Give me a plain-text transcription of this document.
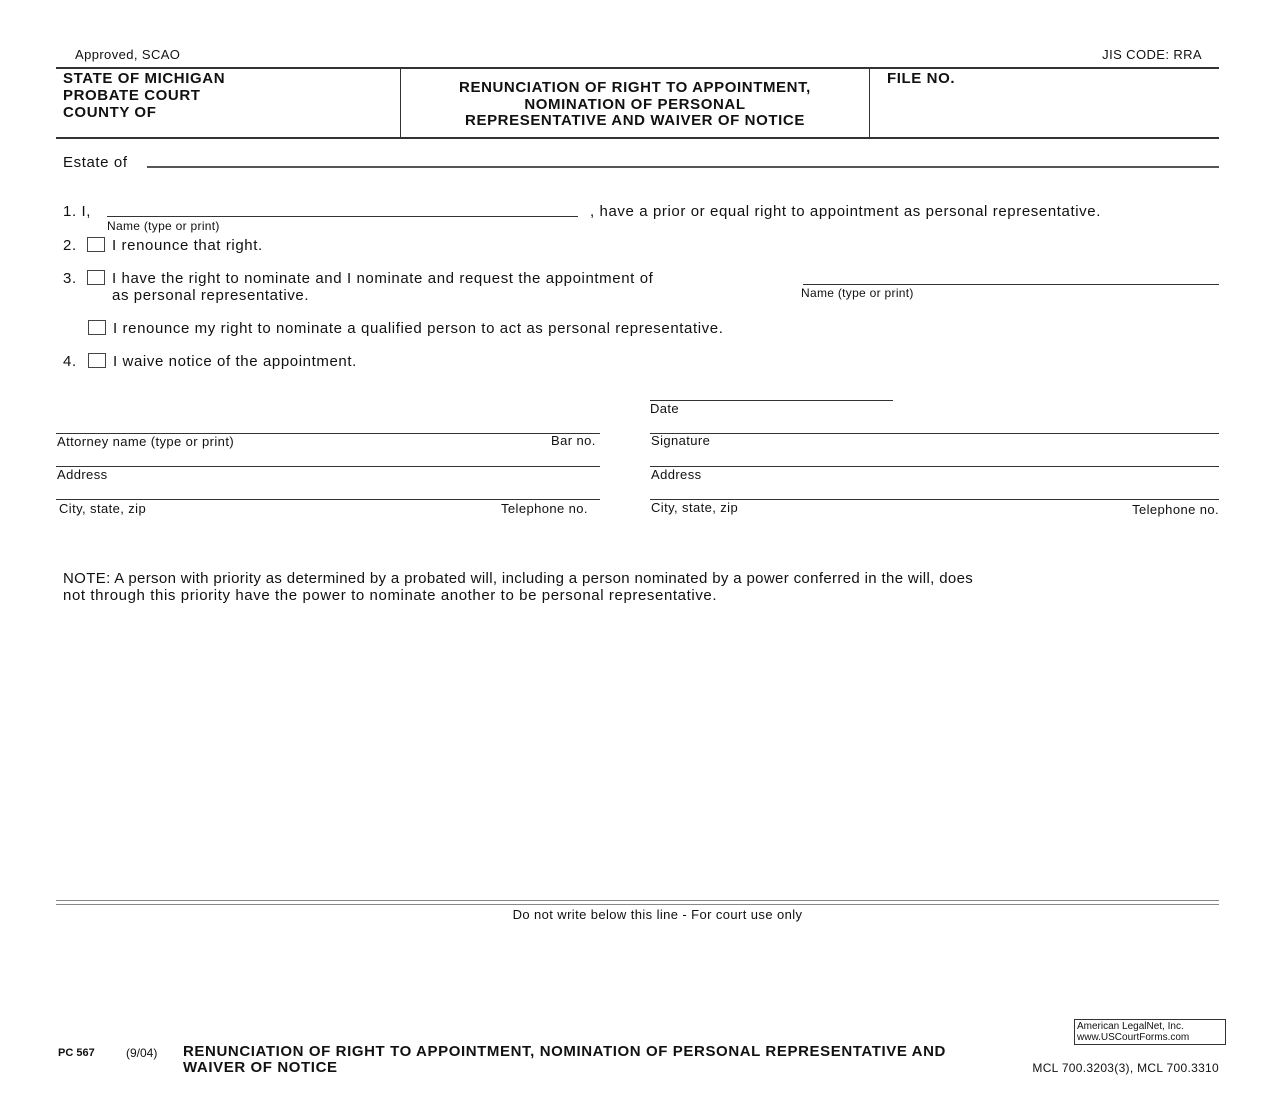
Approved, SCAO	JIS CODE: RRA
STATE OF MICHIGAN
PROBATE COURT
COUNTY OF
RENUNCIATION OF RIGHT TO APPOINTMENT,
NOMINATION OF PERSONAL
REPRESENTATIVE AND WAIVER OF NOTICE
FILE NO.
Estate of
1. I,	, have a prior or equal right to appointment as personal representative.
Name (type or print)
2. I renounce that right.
3. I have the right to nominate and I nominate and request the appointment of
as personal representative.	Name (type or print)
I renounce my right to nominate a qualified person to act as personal representative.
4. I waive notice of the appointment.
Date
Attorney name (type or print)	Bar no.	Signature
Address	Address
City, state, zip	Telephone no.	City, state, zip	Telephone no.
NOTE: A person with priority as determined by a probated will, including a person nominated by a power conferred in the will, does
not through this priority have the power to nominate another to be personal representative.
Do not write below this line - For court use only
American LegalNet, Inc.
www.USCourtForms.com
PC 567	(9/04) RENUNCIATION OF RIGHT TO APPOINTMENT, NOMINATION OF PERSONAL REPRESENTATIVE AND
WAIVER OF NOTICE	MCL 700.3203(3), MCL 700.3310
